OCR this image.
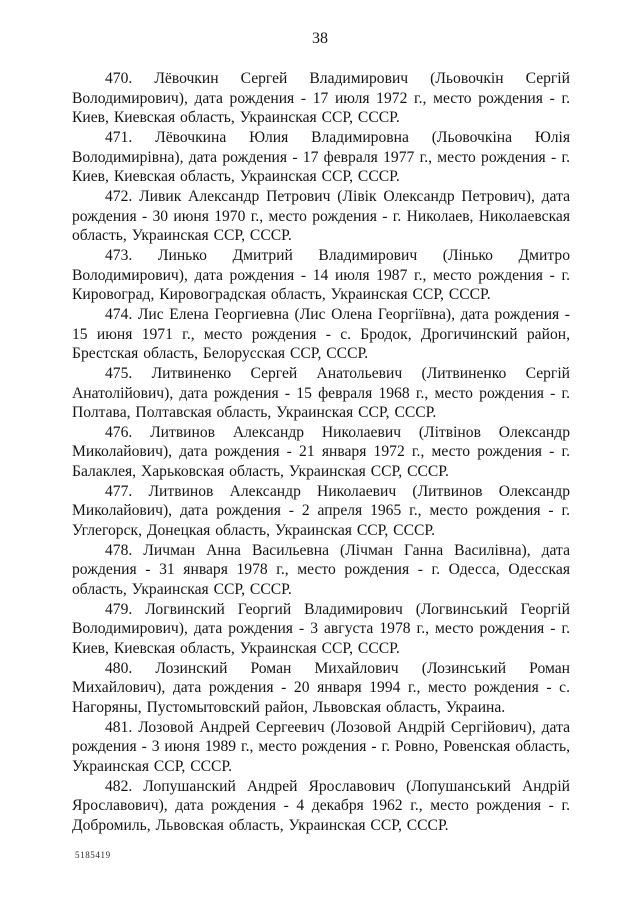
38

470. Лёвочкин Сергей Владимирович (Льовочкін Сергій Володимирович), дата рождения - 17 июля 1972 г., место рождения - г. Киев, Киевская область, Украинская ССР, СССР.

471. Лёвочкина Юлия Владимировна (Льовочкіна Юлія Володимирівна), дата рождения - 17 февраля 1977 г., место рождения - г. Киев, Киевская область, Украинская ССР, СССР.

472. Ливик Александр Петрович (Лівік Олександр Петрович), дата рождения - 30 июня 1970 г., место рождения - г. Николаев, Николаевская область, Украинская ССР, СССР.

473. Линько Дмитрий Владимирович (Лінько Дмитро Володимирович), дата рождения - 14 июля 1987 г., место рождения - г. Кировоград, Кировоградская область, Украинская ССР, СССР.

474. Лис Елена Георгиевна (Лис Олена Георгіївна), дата рождения - 15 июня 1971 г., место рождения - с. Бродок, Дрогичинский район, Брестская область, Белорусская ССР, СССР.

475. Литвиненко Сергей Анатольевич (Литвиненко Сергій Анатолійович), дата рождения - 15 февраля 1968 г., место рождения - г. Полтава, Полтавская область, Украинская ССР, СССР.

476. Литвинов Александр Николаевич (Літвінов Олександр Миколайович), дата рождения - 21 января 1972 г., место рождения - г. Балаклея, Харьковская область, Украинская ССР, СССР.

477. Литвинов Александр Николаевич (Литвинов Олександр Миколайович), дата рождения - 2 апреля 1965 г., место рождения - г. Углегорск, Донецкая область, Украинская ССР, СССР.

478. Личман Анна Васильевна (Лічман Ганна Василівна), дата рождения - 31 января 1978 г., место рождения - г. Одесса, Одесская область, Украинская ССР, СССР.

479. Логвинский Георгий Владимирович (Логвинський Георгій Володимирович), дата рождения - 3 августа 1978 г., место рождения - г. Киев, Киевская область, Украинская ССР, СССР.

480. Лозинский Роман Михайлович (Лозинський Роман Михайлович), дата рождения - 20 января 1994 г., место рождения - с. Нагоряны, Пустомытовский район, Львовская область, Украина.

481. Лозовой Андрей Сергеевич (Лозовой Андрій Сергійович), дата рождения - 3 июня 1989 г., место рождения - г. Ровно, Ровенская область, Украинская ССР, СССР.

482. Лопушанский Андрей Ярославович (Лопушанський Андрій Ярославович), дата рождения - 4 декабря 1962 г., место рождения - г. Добромиль, Львовская область, Украинская ССР, СССР.

5185419
